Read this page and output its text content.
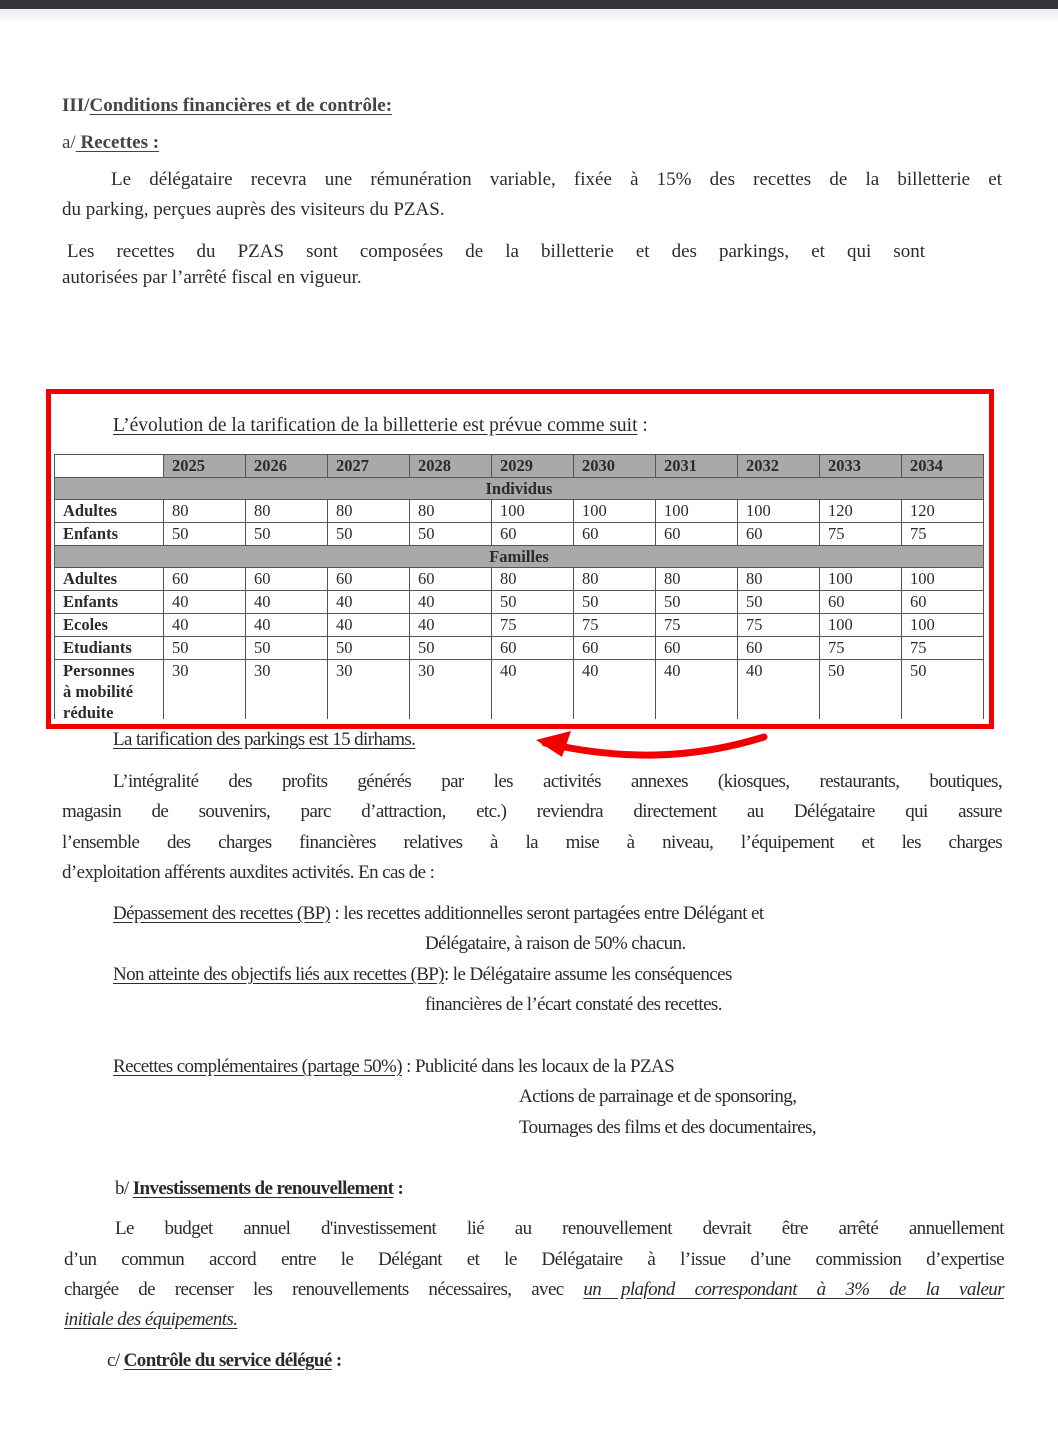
III/Conditions financières et de contrôle:
a/ Recettes :
Le délégataire recevra une rémunération variable, fixée à 15% des recettes de la billetterie et
du parking, perçues auprès des visiteurs du PZAS.
Les recettes du PZAS sont composées de la billetterie et des parkings, et qui sont
autorisées par l’arrêté fiscal en vigueur.
L’évolution de la tarification de la billetterie est prévue comme suit :
	2025	2026	2027	2028	2029	2030	2031	2032	2033	2034
Individus										
Adultes	80	80	80	80	100	100	100	100	120	120
Enfants	50	50	50	50	60	60	60	60	75	75
Familles										
Adultes	60	60	60	60	80	80	80	80	100	100
Enfants	40	40	40	40	50	50	50	50	60	60
Ecoles	40	40	40	40	75	75	75	75	100	100
Etudiants	50	50	50	50	60	60	60	60	75	75

Personnes
à mobilité
réduite	30	30	30	30	40	40	40	40	50	50
La tarification des parkings est 15 dirhams.
L’intégralité des profits générés par les activités annexes (kiosques, restaurants, boutiques,
magasin de souvenirs, parc d’attraction, etc.) reviendra directement au Délégataire qui assure
l’ensemble des charges financières relatives à la mise à niveau, l’équipement et les charges
d’exploitation afférents auxdites activités. En cas de :
Dépassement des recettes (BP) : les recettes additionnelles seront partagées entre Délégant et
Délégataire, à raison de 50% chacun.
Non atteinte des objectifs liés aux recettes (BP): le Délégataire assume les conséquences
financières de l’écart constaté des recettes.
Recettes complémentaires (partage 50%) : Publicité dans les locaux de la PZAS
Actions de parrainage et de sponsoring,
Tournages des films et des documentaires,
b/ Investissements de renouvellement :
Le budget annuel d'investissement lié au renouvellement devrait être arrêté annuellement
d’un commun accord entre le Délégant et le Délégataire à l’issue d’une commission d’expertise
chargée de recenser les renouvellements nécessaires, avec un plafond correspondant à 3% de la valeur
initiale des équipements.
c/ Contrôle du service délégué :
